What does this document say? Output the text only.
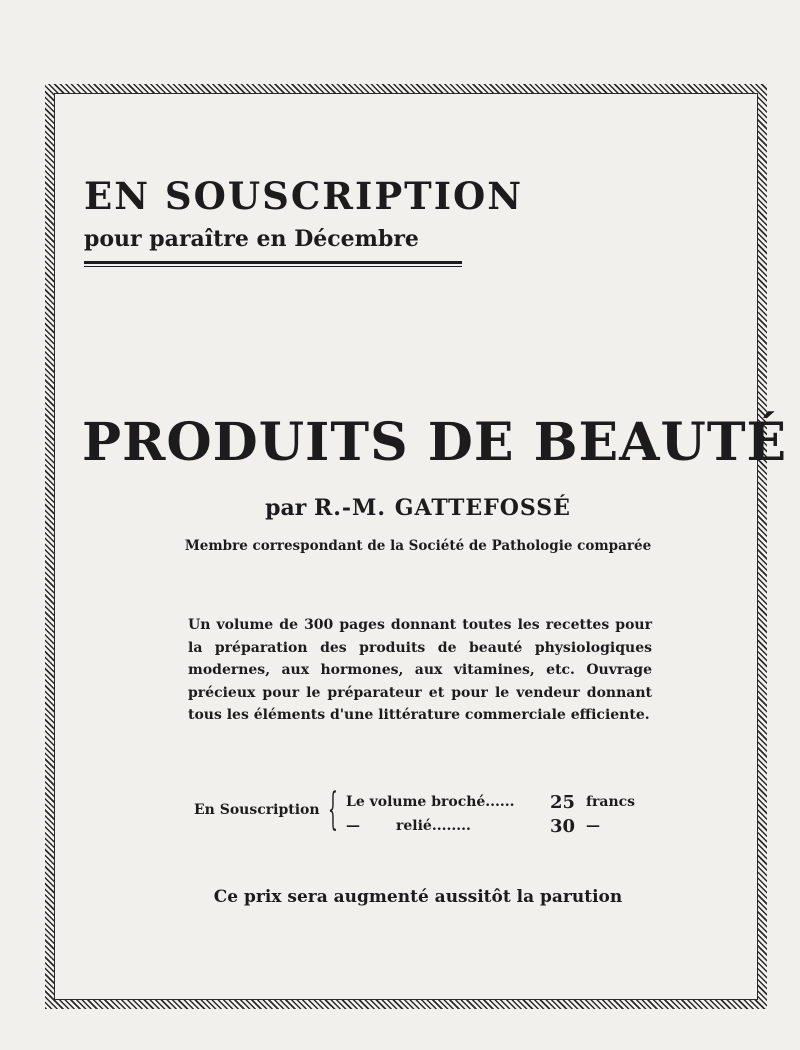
EN SOUSCRIPTION
pour paraître en Décembre
PRODUITS DE BEAUTÉ
par R.-M. GATTEFOSSÉ
Membre correspondant de la Société de Pathologie comparée

Un volume de 300 pages donnant toutes les recettes pour la préparation des produits de beauté physiologiques modernes, aux hormones, aux vitamines, etc. Ouvrage précieux pour le préparateur et pour le vendeur donnant tous les éléments d'une littérature commerciale efficiente.

En Souscription { Le volume broché...... 25 francs
—	relié........	30 —
Ce prix sera augmenté aussitôt la parution
